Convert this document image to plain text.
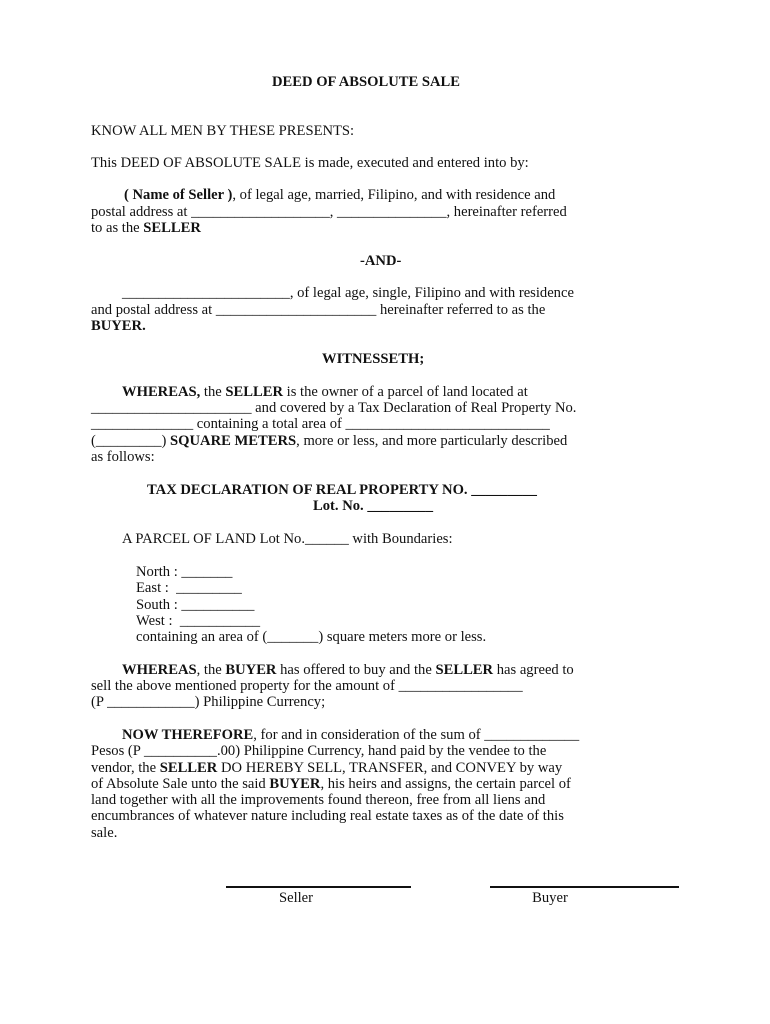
DEED OF ABSOLUTE SALE
KNOW ALL MEN BY THESE PRESENTS:
This DEED OF ABSOLUTE SALE is made, executed and entered into by:
( Name of Seller ), of legal age, married, Filipino, and with residence and
postal address at ___________________, _______________, hereinafter referred
to as the SELLER
-AND-
_______________________, of legal age, single, Filipino and with residence
and postal address at ______________________ hereinafter referred to as the
BUYER.
WITNESSETH;
WHEREAS, the SELLER is the owner of a parcel of land located at
______________________ and covered by a Tax Declaration of Real Property No.
______________ containing a total area of ____________________________
(_________) SQUARE METERS, more or less, and more particularly described
as follows:
TAX DECLARATION OF REAL PROPERTY NO. _________
Lot. No. _________
A PARCEL OF LAND Lot No.______ with Boundaries:
North : _______
East :  _________
South : __________
West :  ___________
containing an area of (_______) square meters more or less.
WHEREAS, the BUYER has offered to buy and the SELLER has agreed to
sell the above mentioned property for the amount of _________________
(P ____________) Philippine Currency;
NOW THEREFORE, for and in consideration of the sum of _____________
Pesos (P __________.00) Philippine Currency, hand paid by the vendee to the
vendor, the SELLER DO HEREBY SELL, TRANSFER, and CONVEY by way
of Absolute Sale unto the said BUYER, his heirs and assigns, the certain parcel of
land together with all the improvements found thereon, free from all liens and
encumbrances of whatever nature including real estate taxes as of the date of this
sale.
Seller	Buyer
